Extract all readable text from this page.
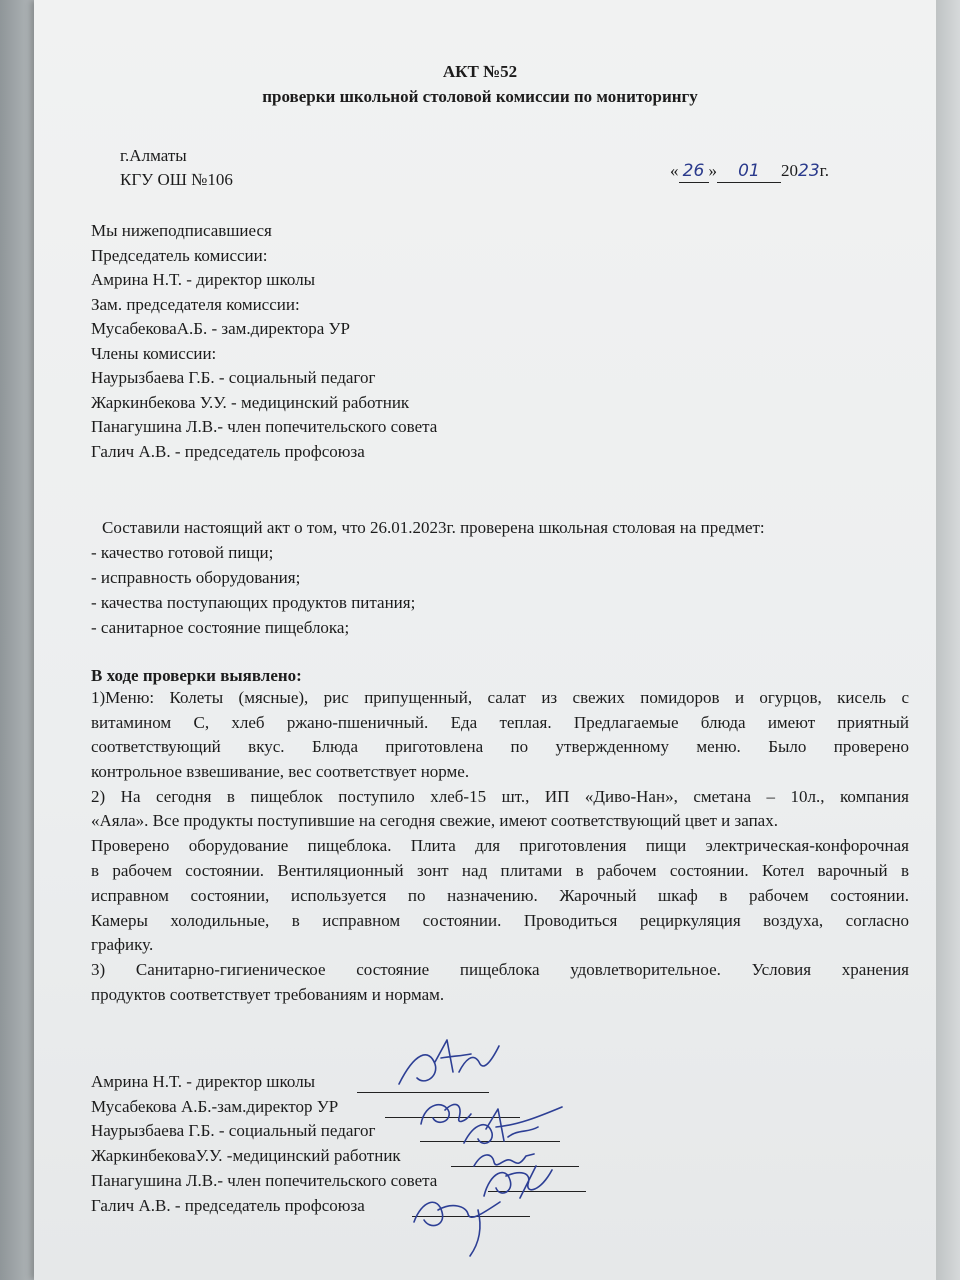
АКТ №52
проверки школьной столовой комиссии по мониторингу
г.Алматы
КГУ ОШ №106	« 26 » 01 2023г.
Мы нижеподписавшиеся
Председатель комиссии:
Амрина Н.Т. - директор школы
Зам. председателя комиссии:
МусабековаА.Б. - зам.директора УР
Члены комиссии:
Наурызбаева Г.Б. - социальный педагог
Жаркинбекова У.У. - медицинский работник
Панагушина Л.В.- член попечительского совета
Галич А.В. - председатель профсоюза
Составили настоящий акт о том, что 26.01.2023г. проверена школьная столовая на предмет:
- качество готовой пищи;
- исправность оборудования;
- качества поступающих продуктов питания;
- санитарное состояние пищеблока;
В ходе проверки выявлено:
1)Меню: Колеты (мясные), рис припущенный, салат из свежих помидоров и огурцов, кисель с
витамином С, хлеб ржано-пшеничный. Еда теплая. Предлагаемые блюда имеют приятный
соответствующий вкус. Блюда приготовлена по утвержденному меню. Было проверено
контрольное взвешивание, вес соответствует норме.
2) На сегодня в пищеблок поступило хлеб-15 шт., ИП «Диво-Нан», сметана – 10л., компания
«Аяла». Все продукты поступившие на сегодня свежие, имеют соответствующий цвет и запах.
Проверено оборудование пищеблока. Плита для приготовления пищи электрическая-конфорочная
в рабочем состоянии. Вентиляционный зонт над плитами в рабочем состоянии. Котел варочный в
исправном состоянии, используется по назначению. Жарочный шкаф в рабочем состоянии.
Камеры холодильные, в исправном состоянии. Проводиться рециркуляция воздуха, согласно
графику.
3) Санитарно-гигиеническое состояние пищеблока удовлетворительное. Условия хранения
продуктов соответствует требованиям и нормам.
Амрина Н.Т. - директор школы
Мусабекова А.Б.-зам.директор УР
Наурызбаева Г.Б. - социальный педагог
ЖаркинбековаУ.У. -медицинский работник
Панагушина Л.В.- член попечительского совета
Галич А.В. - председатель профсоюза
